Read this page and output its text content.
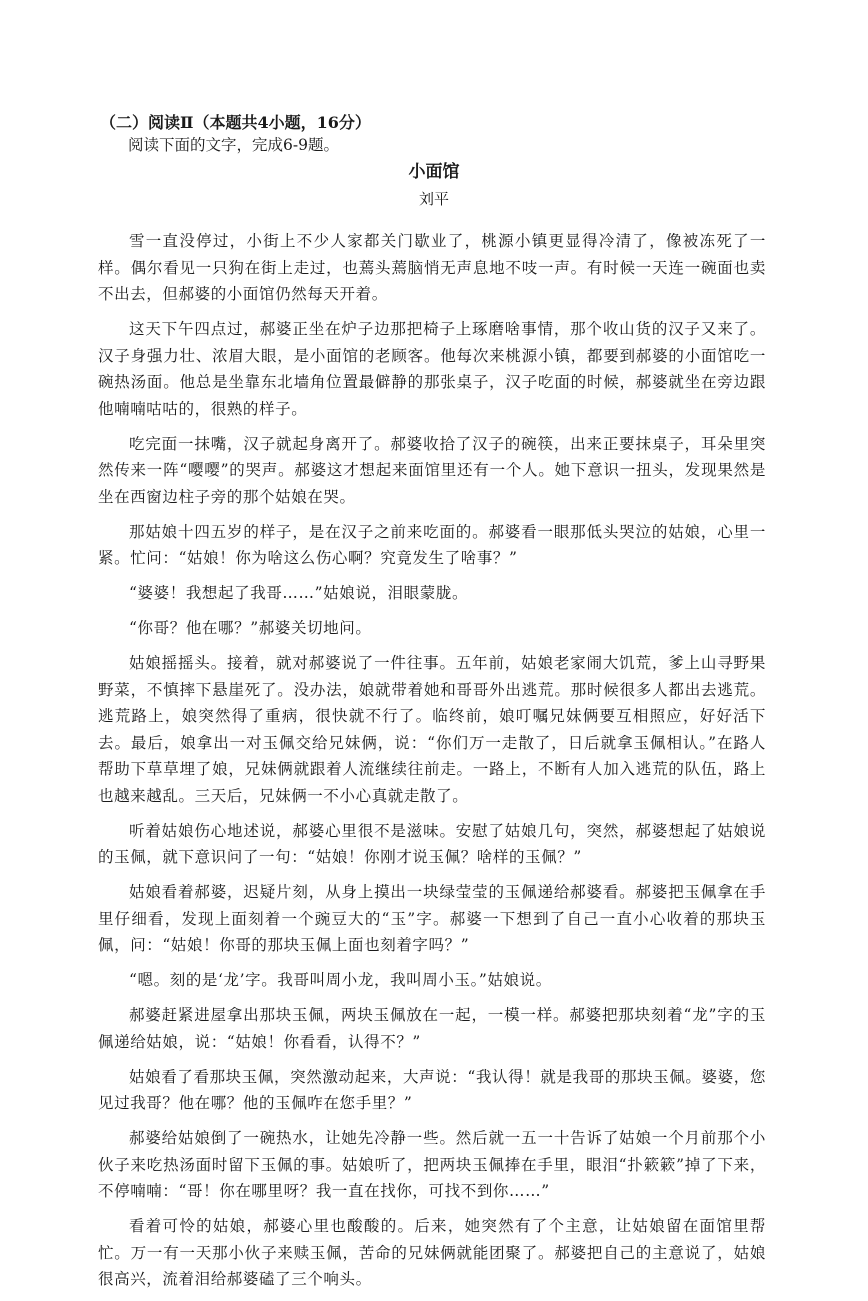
（二）阅读Ⅱ（本题共4小题，16分）
阅读下面的文字，完成6-9题。
小面馆
刘平

雪一直没停过，小街上不少人家都关门歇业了，桃源小镇更显得冷清了，像被冻死了一样。偶尔看见一只狗在街上走过，也蔫头蔫脑悄无声息地不吱一声。有时候一天连一碗面也卖不出去，但郝婆的小面馆仍然每天开着。

这天下午四点过，郝婆正坐在炉子边那把椅子上琢磨啥事情，那个收山货的汉子又来了。汉子身强力壮、浓眉大眼，是小面馆的老顾客。他每次来桃源小镇，都要到郝婆的小面馆吃一碗热汤面。他总是坐靠东北墙角位置最僻静的那张桌子，汉子吃面的时候，郝婆就坐在旁边跟他喃喃咕咕的，很熟的样子。

吃完面一抹嘴，汉子就起身离开了。郝婆收拾了汉子的碗筷，出来正要抹桌子，耳朵里突然传来一阵“嘤嘤”的哭声。郝婆这才想起来面馆里还有一个人。她下意识一扭头，发现果然是坐在西窗边柱子旁的那个姑娘在哭。

那姑娘十四五岁的样子，是在汉子之前来吃面的。郝婆看一眼那低头哭泣的姑娘，心里一紧。忙问：“姑娘！你为啥这么伤心啊？究竟发生了啥事？”

“婆婆！我想起了我哥……”姑娘说，泪眼蒙胧。

“你哥？他在哪？”郝婆关切地问。

姑娘摇摇头。接着，就对郝婆说了一件往事。五年前，姑娘老家闹大饥荒，爹上山寻野果野菜，不慎摔下悬崖死了。没办法，娘就带着她和哥哥外出逃荒。那时候很多人都出去逃荒。逃荒路上，娘突然得了重病，很快就不行了。临终前，娘叮嘱兄妹俩要互相照应，好好活下去。最后，娘拿出一对玉佩交给兄妹俩，说：“你们万一走散了，日后就拿玉佩相认。”在路人帮助下草草埋了娘，兄妹俩就跟着人流继续往前走。一路上，不断有人加入逃荒的队伍，路上也越来越乱。三天后，兄妹俩一不小心真就走散了。

听着姑娘伤心地述说，郝婆心里很不是滋味。安慰了姑娘几句，突然，郝婆想起了姑娘说的玉佩，就下意识问了一句：“姑娘！你刚才说玉佩？啥样的玉佩？”

姑娘看着郝婆，迟疑片刻，从身上摸出一块绿莹莹的玉佩递给郝婆看。郝婆把玉佩拿在手里仔细看，发现上面刻着一个豌豆大的“玉”字。郝婆一下想到了自己一直小心收着的那块玉佩，问：“姑娘！你哥的那块玉佩上面也刻着字吗？”

“嗯。刻的是‘龙’字。我哥叫周小龙，我叫周小玉。”姑娘说。

郝婆赶紧进屋拿出那块玉佩，两块玉佩放在一起，一模一样。郝婆把那块刻着“龙”字的玉佩递给姑娘，说：“姑娘！你看看，认得不？”

姑娘看了看那块玉佩，突然激动起来，大声说：“我认得！就是我哥的那块玉佩。婆婆，您见过我哥？他在哪？他的玉佩咋在您手里？”

郝婆给姑娘倒了一碗热水，让她先冷静一些。然后就一五一十告诉了姑娘一个月前那个小伙子来吃热汤面时留下玉佩的事。姑娘听了，把两块玉佩捧在手里，眼泪“扑簌簌”掉了下来，不停喃喃：“哥！你在哪里呀？我一直在找你，可找不到你……”

看着可怜的姑娘，郝婆心里也酸酸的。后来，她突然有了个主意，让姑娘留在面馆里帮忙。万一有一天那小伙子来赎玉佩，苦命的兄妹俩就能团聚了。郝婆把自己的主意说了，姑娘很高兴，流着泪给郝婆磕了三个响头。
